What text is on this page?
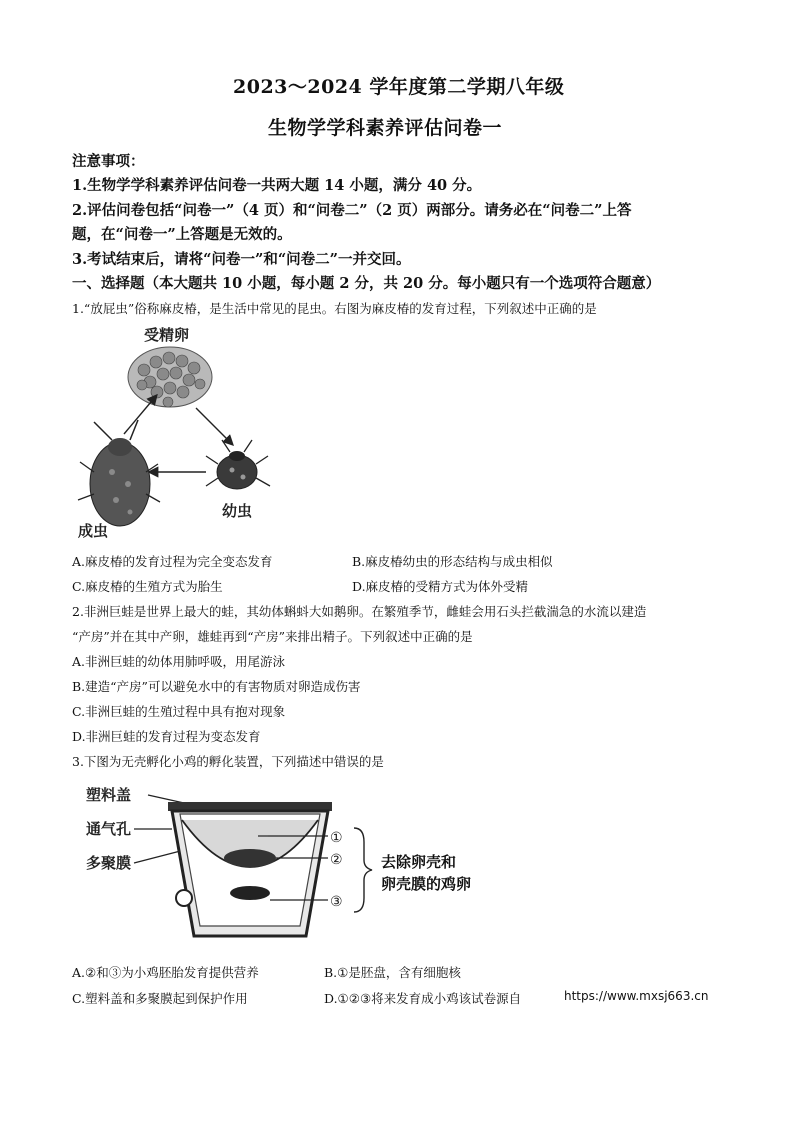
2023～2024 学年度第二学期八年级
生物学学科素养评估问卷一
注意事项：
1.生物学学科素养评估问卷一共两大题 14 小题，满分 40 分。
2.评估问卷包括“问卷一”（4 页）和“问卷二”（2 页）两部分。请务必在“问卷二”上答
题，在“问卷一”上答题是无效的。
3.考试结束后，请将“问卷一”和“问卷二”一并交回。
一、选择题（本大题共 10 小题，每小题 2 分，共 20 分。每小题只有一个选项符合题意）
1.“放屁虫”俗称麻皮椿，是生活中常见的昆虫。右图为麻皮椿的发育过程，下列叙述中正确的是
受精卵
成虫
幼虫
A.麻皮椿的发育过程为完全变态发育	B.麻皮椿幼虫的形态结构与成虫相似
C.麻皮椿的生殖方式为胎生	D.麻皮椿的受精方式为体外受精
2.非洲巨蛙是世界上最大的蛙，其幼体蝌蚪大如鹅卵。在繁殖季节，雌蛙会用石头拦截湍急的水流以建造
“产房”并在其中产卵，雄蛙再到“产房”来排出精子。下列叙述中正确的是
A.非洲巨蛙的幼体用肺呼吸，用尾游泳
B.建造“产房”可以避免水中的有害物质对卵造成伤害
C.非洲巨蛙的生殖过程中具有抱对现象
D.非洲巨蛙的发育过程为变态发育
3.下图为无壳孵化小鸡的孵化装置，下列描述中错误的是
塑料盖
通气孔
多聚膜
①
②
③
去除卵壳和
卵壳膜的鸡卵
A.②和③为小鸡胚胎发育提供营养	B.①是胚盘，含有细胞核
C.塑料盖和多聚膜起到保护作用	D.①②③将来发育成小鸡该试卷源自	https://www.mxsj663.cn
